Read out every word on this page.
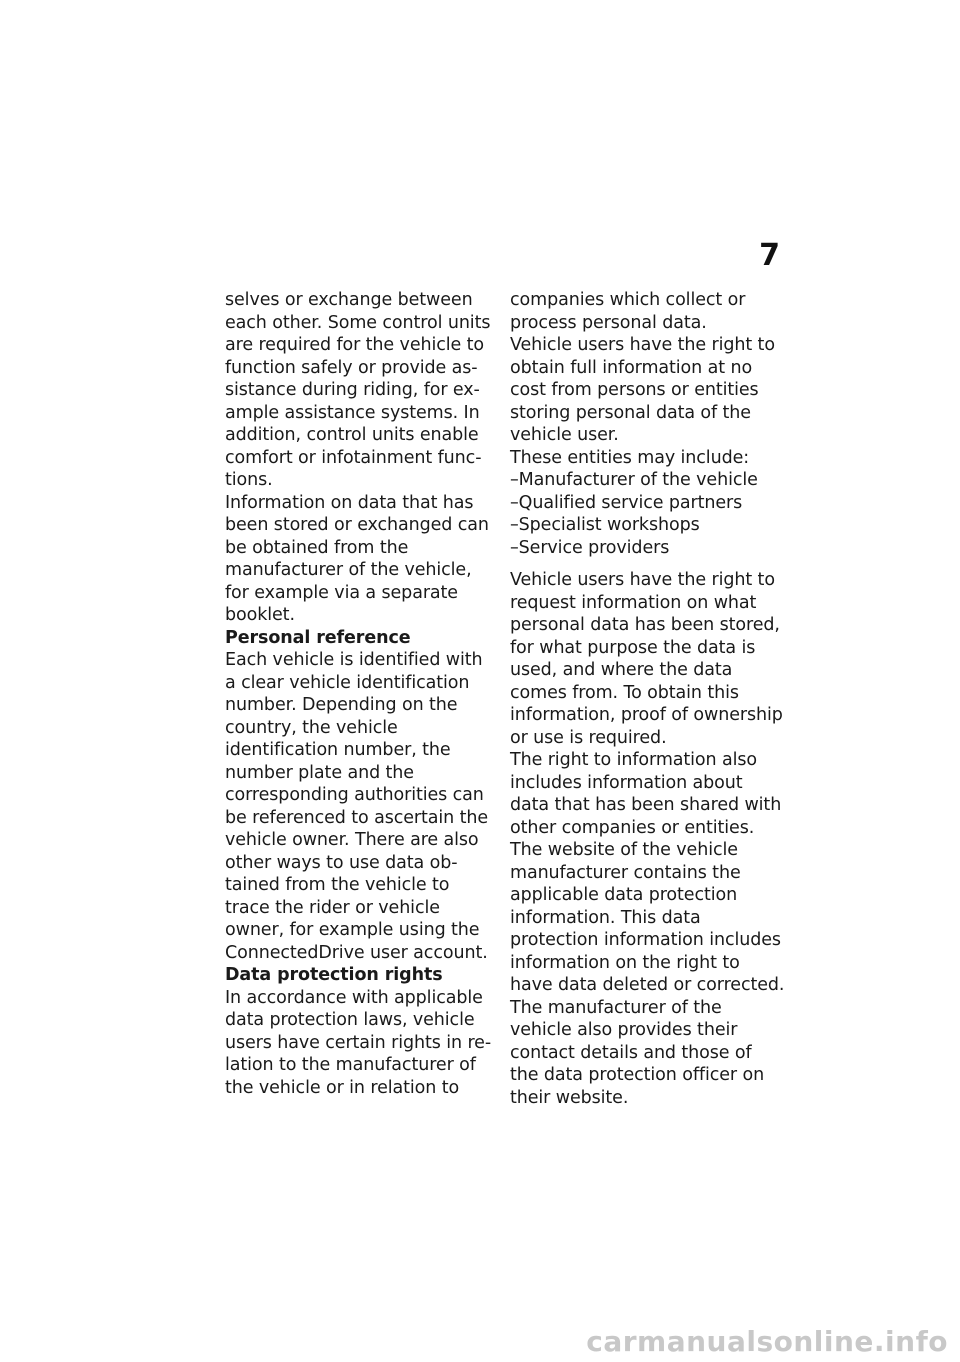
7

selves or exchange between each other. Some control units are required for the vehicle to function safely or provide assistance during riding, for example assistance systems. In addition, control units enable comfort or infotainment functions.

Information on data that has been stored or exchanged can be obtained from the manufacturer of the vehicle, for example via a separate booklet.

Personal reference

Each vehicle is identified with a clear vehicle identification number. Depending on the country, the vehicle identification number, the number plate and the corresponding authorities can be referenced to ascertain the vehicle owner. There are also other ways to use data obtained from the vehicle to trace the rider or vehicle owner, for example using the ConnectedDrive user account.

Data protection rights

In accordance with applicable data protection laws, vehicle users have certain rights in relation to the manufacturer of the vehicle or in relation to

companies which collect or process personal data.

Vehicle users have the right to obtain full information at no cost from persons or entities storing personal data of the vehicle user.

These entities may include:

–Manufacturer of the vehicle
–Qualified service partners
–Specialist workshops
–Service providers

Vehicle users have the right to request information on what personal data has been stored, for what purpose the data is used, and where the data comes from. To obtain this information, proof of ownership or use is required.

The right to information also includes information about data that has been shared with other companies or entities.

The website of the vehicle manufacturer contains the applicable data protection information. This data protection information includes information on the right to have data deleted or corrected. The manufacturer of the vehicle also provides their contact details and those of the data protection officer on their website.

carmanualsonline.info
